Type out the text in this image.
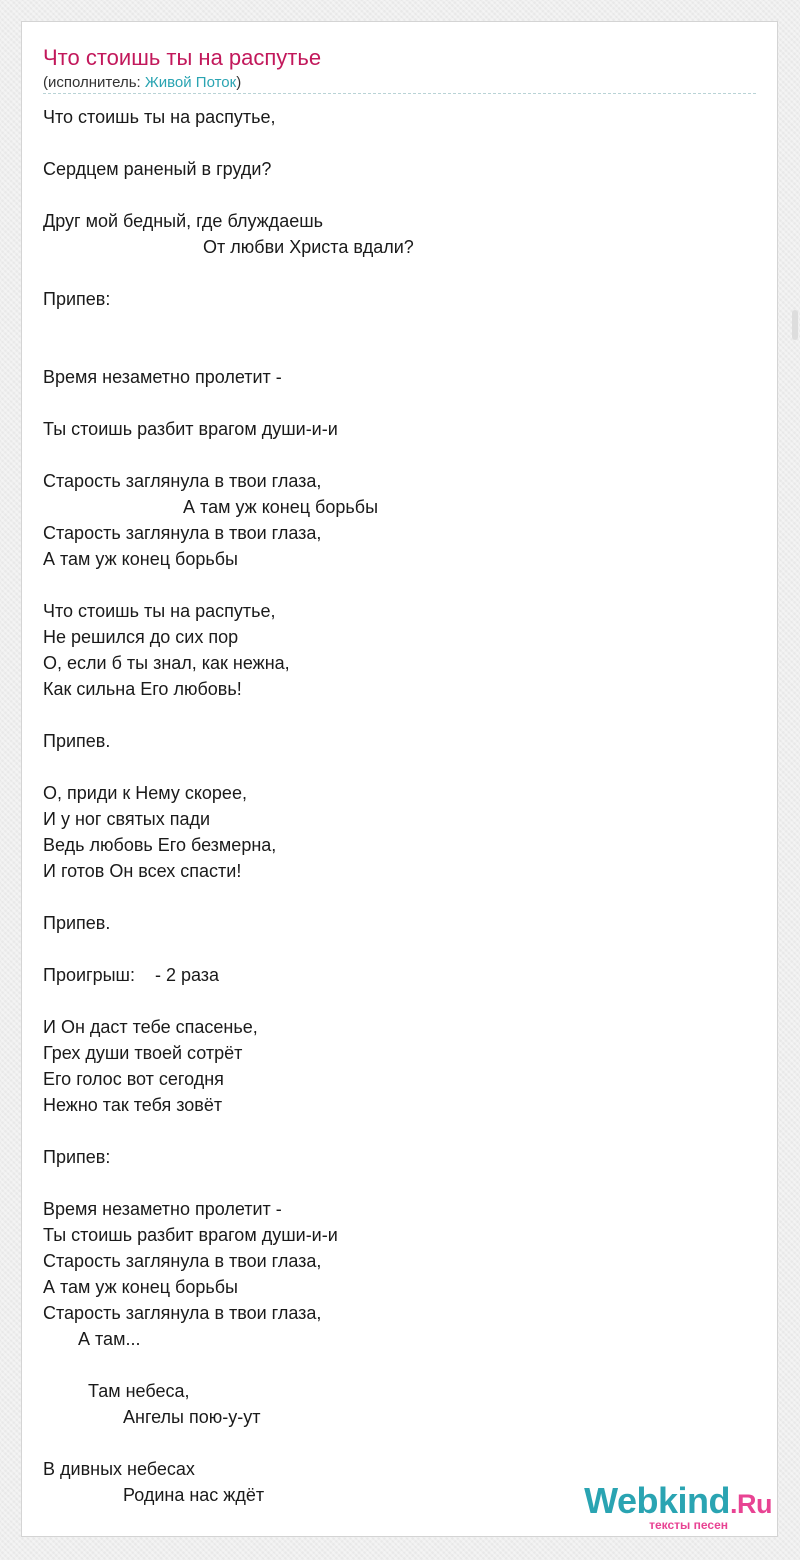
Что стоишь ты на распутье
(исполнитель: Живой Поток)
Что стоишь ты на распутье,
Сердцем раненый в груди?
Друг мой бедный, где блуждаешь
От любви Христа вдали?
Припев:
Время незаметно пролетит -
Ты стоишь разбит врагом души-и-и
Старость заглянула в твои глаза,
А там уж конец борьбы
Старость заглянула в твои глаза,
А там уж конец борьбы
Что стоишь ты на распутье,
Не решился до сих пор
О, если б ты знал, как нежна,
Как сильна Его любовь!
Припев.
О, приди к Нему скорее,
И у ног святых пади
Ведь любовь Его безмерна,
И готов Он всех спасти!
Припев.
Проигрыш:    - 2 раза
И Он даст тебе спасенье,
Грех души твоей сотрёт
Его голос вот сегодня
Нежно так тебя зовёт
Припев:
Время незаметно пролетит -
Ты стоишь разбит врагом души-и-и
Старость заглянула в твои глаза,
А там уж конец борьбы
Старость заглянула в твои глаза,
А там...
Там небеса,
Ангелы пою-у-ут
В дивных небесах
Родина нас ждёт	Webkind.Ru
тексты песен
